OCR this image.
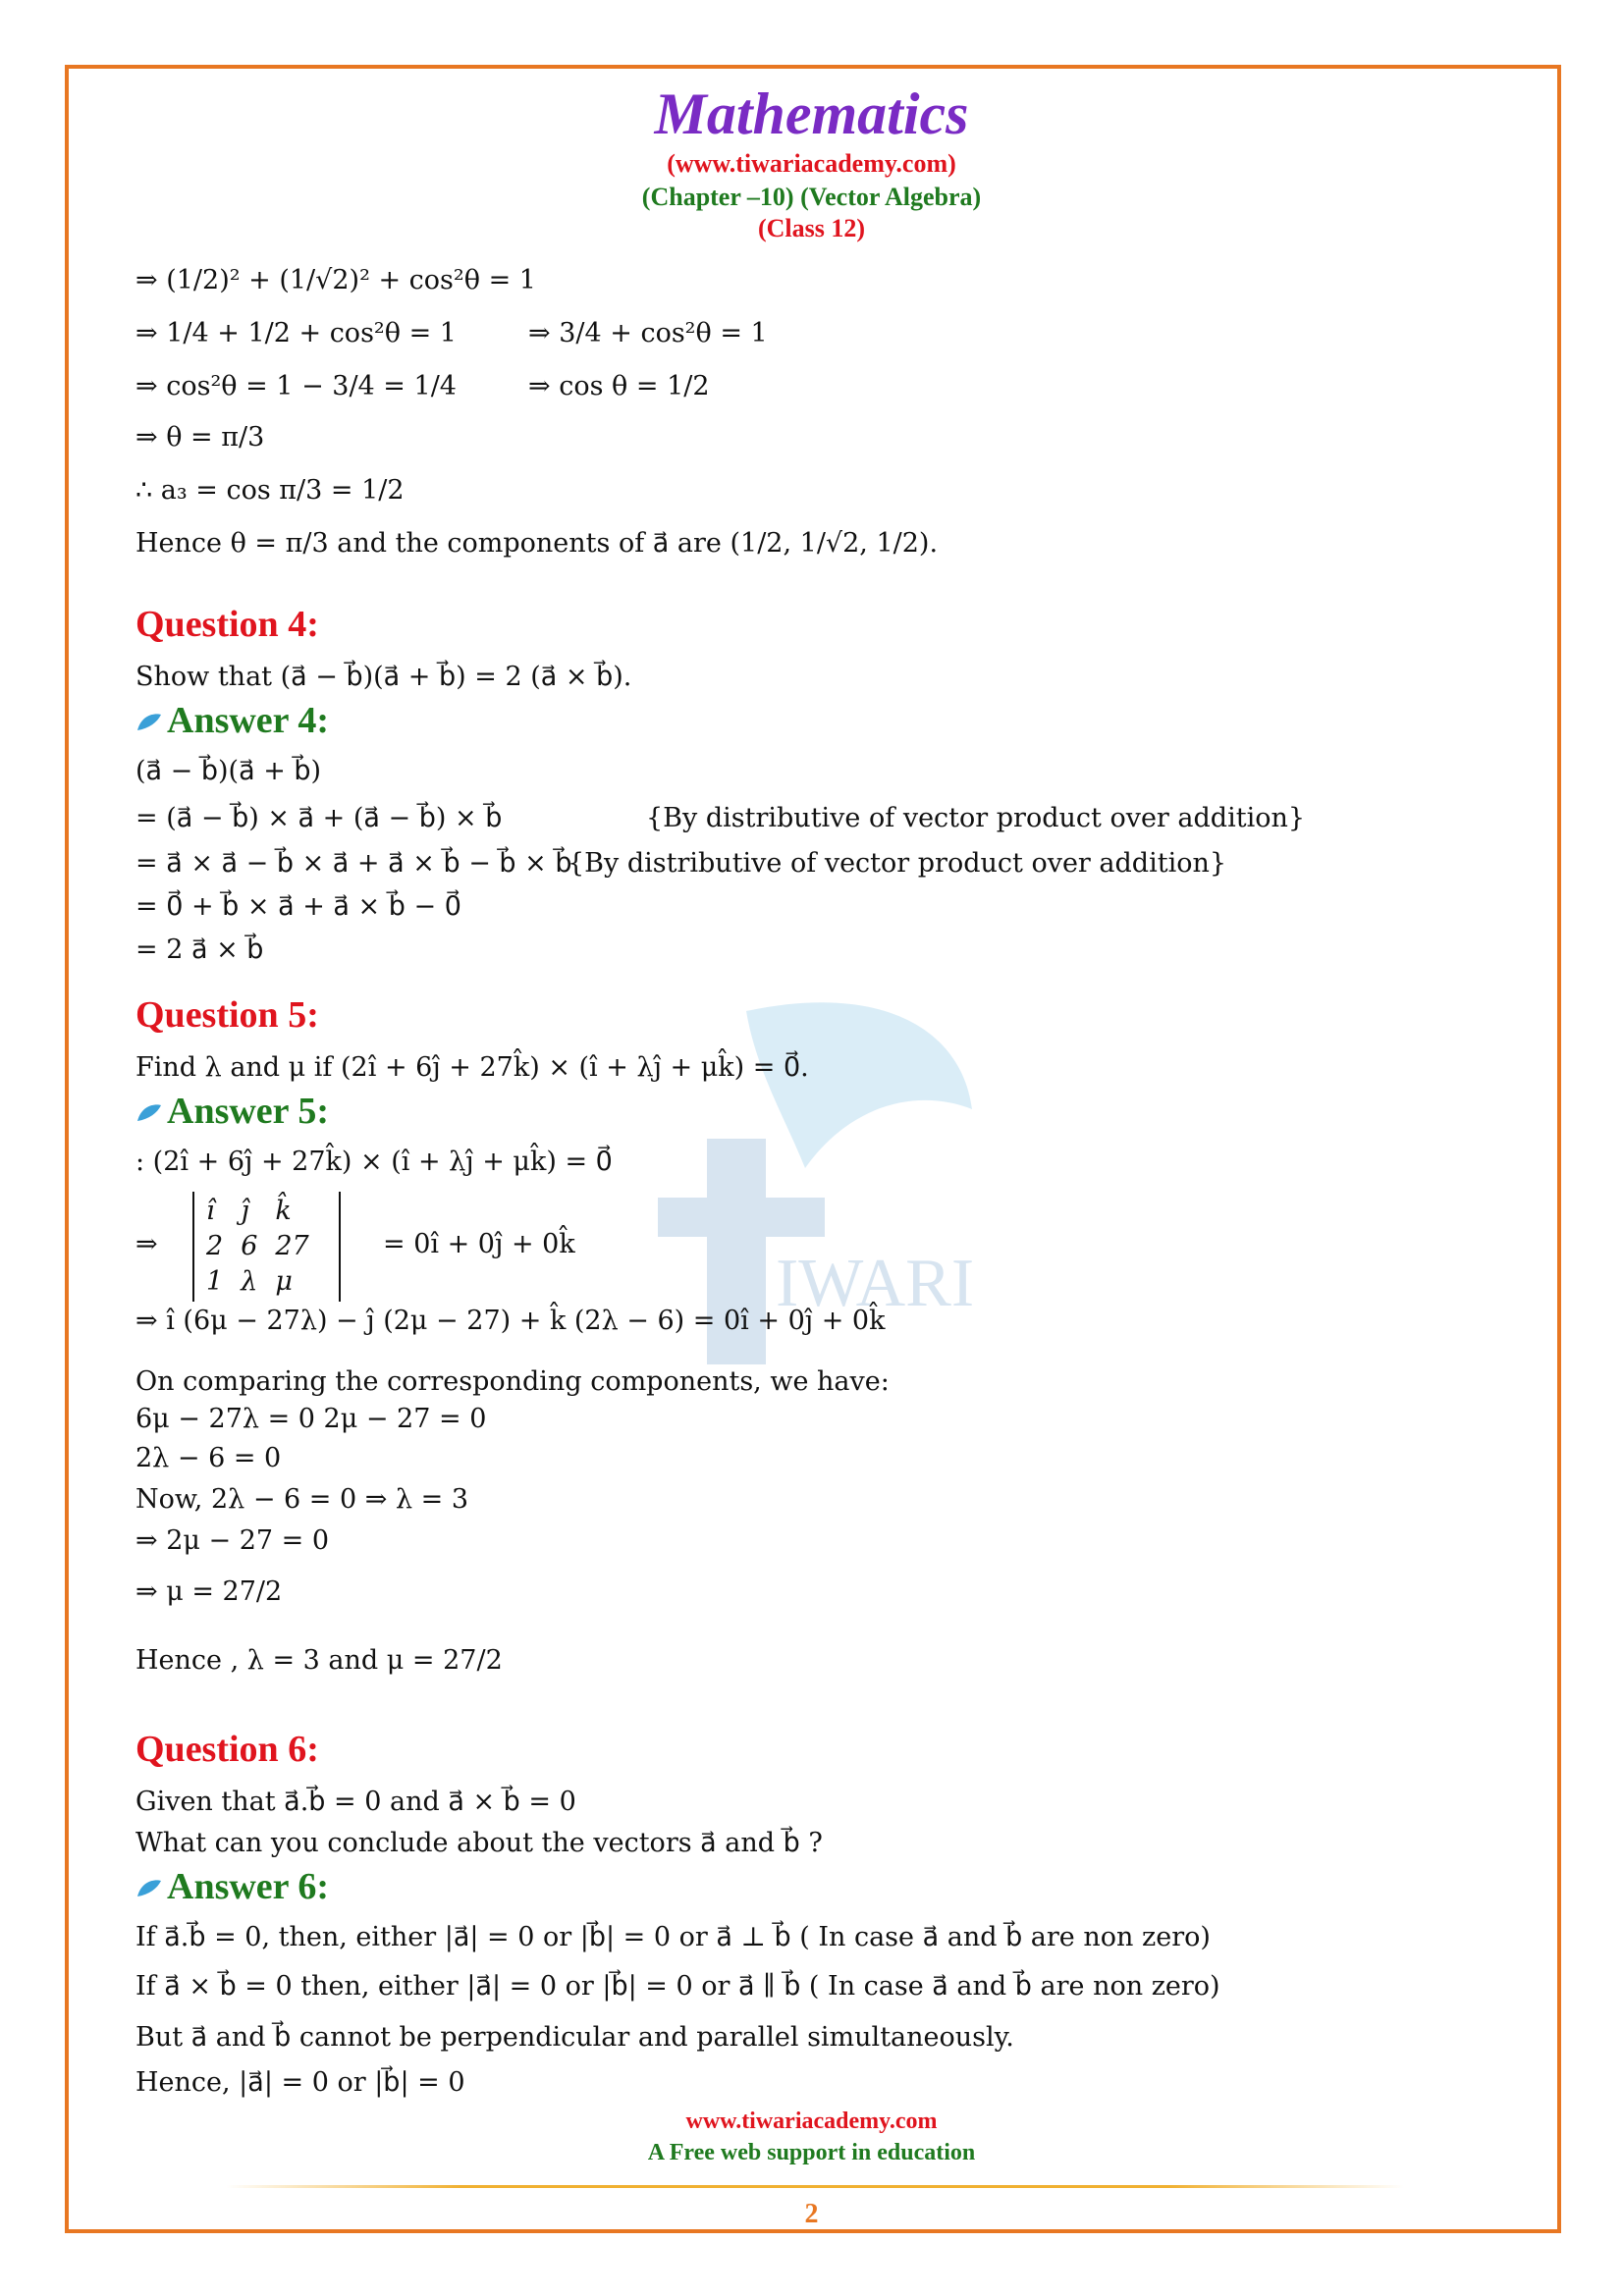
Mathematics
(www.tiwariacademy.com)
(Chapter –10) (Vector Algebra)
(Class 12)
IWARI
⇒ (1/2)² + (1/√2)² + cos²θ = 1
⇒ 1/4 + 1/2 + cos²θ = 1	⇒ 3/4 + cos²θ = 1
⇒ cos²θ = 1 − 3/4 = 1/4	⇒ cos θ = 1/2
⇒ θ = π/3
∴ a₃ = cos π/3 = 1/2
Hence θ = π/3 and the components of a⃗ are (1/2, 1/√2, 1/2).
Question 4:
Show that (a⃗ − b⃗)(a⃗ + b⃗) = 2 (a⃗ × b⃗).
Answer 4:
(a⃗ − b⃗)(a⃗ + b⃗)
= (a⃗ − b⃗) × a⃗ + (a⃗ − b⃗) × b⃗	{By distributive of vector product over addition}
= a⃗ × a⃗ − b⃗ × a⃗ + a⃗ × b⃗ − b⃗ × b⃗
{By distributive of vector product over addition}
= 0⃗ + b⃗ × a⃗ + a⃗ × b⃗ − 0⃗
= 2 a⃗ × b⃗
Question 5:
Find λ and μ if (2î + 6ĵ + 27k̂) × (î + λĵ + μk̂) = 0⃗.
Answer 5:
: (2î + 6ĵ + 27k̂) × (î + λĵ + μk̂) = 0⃗
⇒
î	ĵ	k̂
2	6	27
1	λ	μ
= 0î + 0ĵ + 0k̂
⇒ î (6μ − 27λ) − ĵ (2μ − 27) + k̂ (2λ − 6) = 0î + 0ĵ + 0k̂
On comparing the corresponding components, we have:
6μ − 27λ = 0 2μ − 27 = 0
2λ − 6 = 0
Now, 2λ − 6 = 0 ⇒ λ = 3
⇒ 2μ − 27 = 0
⇒ μ = 27/2
Hence , λ = 3 and μ = 27/2
Question 6:
Given that a⃗.b⃗ = 0 and a⃗ × b⃗ = 0
What can you conclude about the vectors a⃗ and b⃗ ?
Answer 6:
If a⃗.b⃗ = 0, then, either |a⃗| = 0 or |b⃗| = 0 or a⃗ ⊥ b⃗ ( In case a⃗ and b⃗ are non zero)
If a⃗ × b⃗ = 0 then, either |a⃗| = 0 or |b⃗| = 0 or a⃗ ∥ b⃗ ( In case a⃗ and b⃗ are non zero)
But a⃗ and b⃗ cannot be perpendicular and parallel simultaneously.
Hence, |a⃗| = 0 or |b⃗| = 0
www.tiwariacademy.com
A Free web support in education
2
